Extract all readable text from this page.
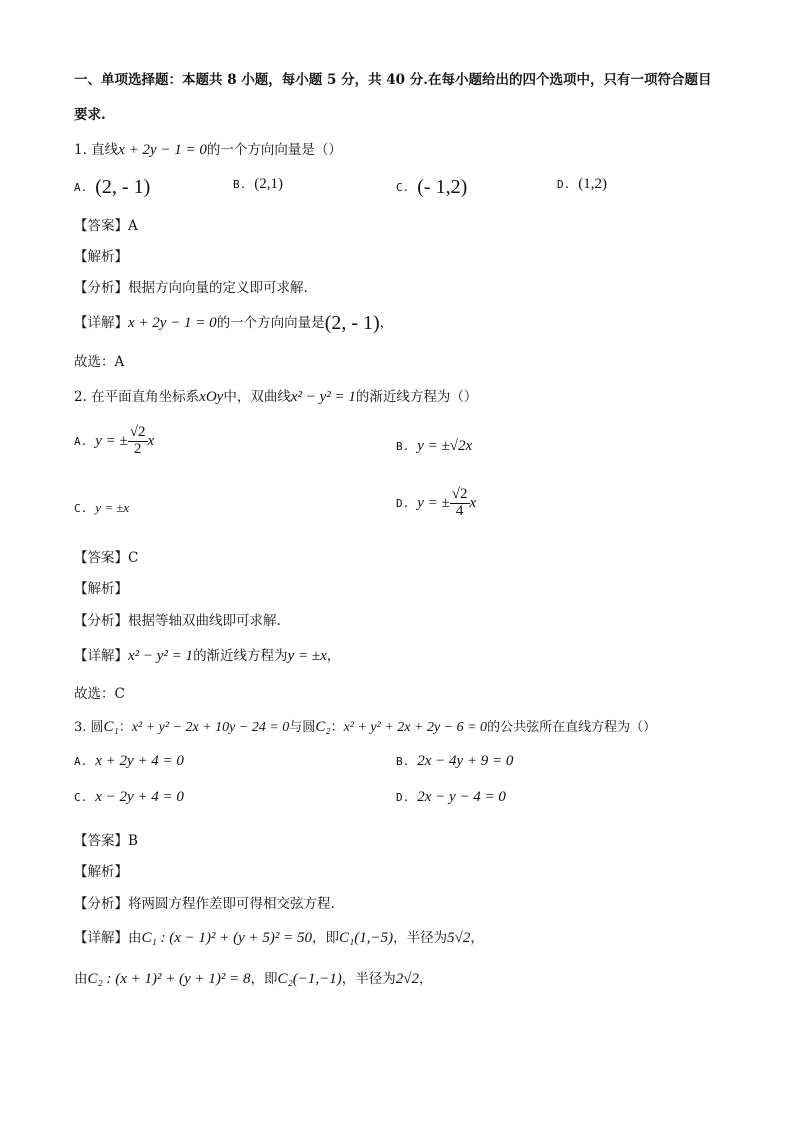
一、单项选择题：本题共 8 小题，每小题 5 分，共 40 分.在每小题给出的四个选项中，只有一项符合题目
要求.
1. 直线x + 2y − 1 = 0的一个方向向量是（）
A. (2, - 1)	B. (2,1)	C. (- 1,2)	D. (1,2)
【答案】A
【解析】
【分析】根据方向向量的定义即可求解.
【详解】x + 2y − 1 = 0的一个方向向量是(2, - 1)，
故选：A
2. 在平面直角坐标系xOy中，双曲线x² − y² = 1的渐近线方程为（）
A. y = ± $\frac{√2}{2}$ x	B. y = ±√2x
C. y = ±x	D. y = ± $\frac{√2}{4}$ x
【答案】C
【解析】
【分析】根据等轴双曲线即可求解.
【详解】x² − y² = 1的渐近线方程为y = ±x，
故选：C
3. 圆C₁：x² + y² − 2x + 10y − 24 = 0与圆C₂：x² + y² + 2x + 2y − 6 = 0的公共弦所在直线方程为（）
A. x + 2y + 4 = 0	B. 2x − 4y + 9 = 0
C. x − 2y + 4 = 0	D. 2x − y − 4 = 0
【答案】B
【解析】
【分析】将两圆方程作差即可得相交弦方程.
【详解】由C₁ : (x − 1)² + (y + 5)² = 50，即C₁(1,−5)，半径为5√2，
由C₂ : (x + 1)² + (y + 1)² = 8，即C₂(−1,−1)，半径为2√2，
